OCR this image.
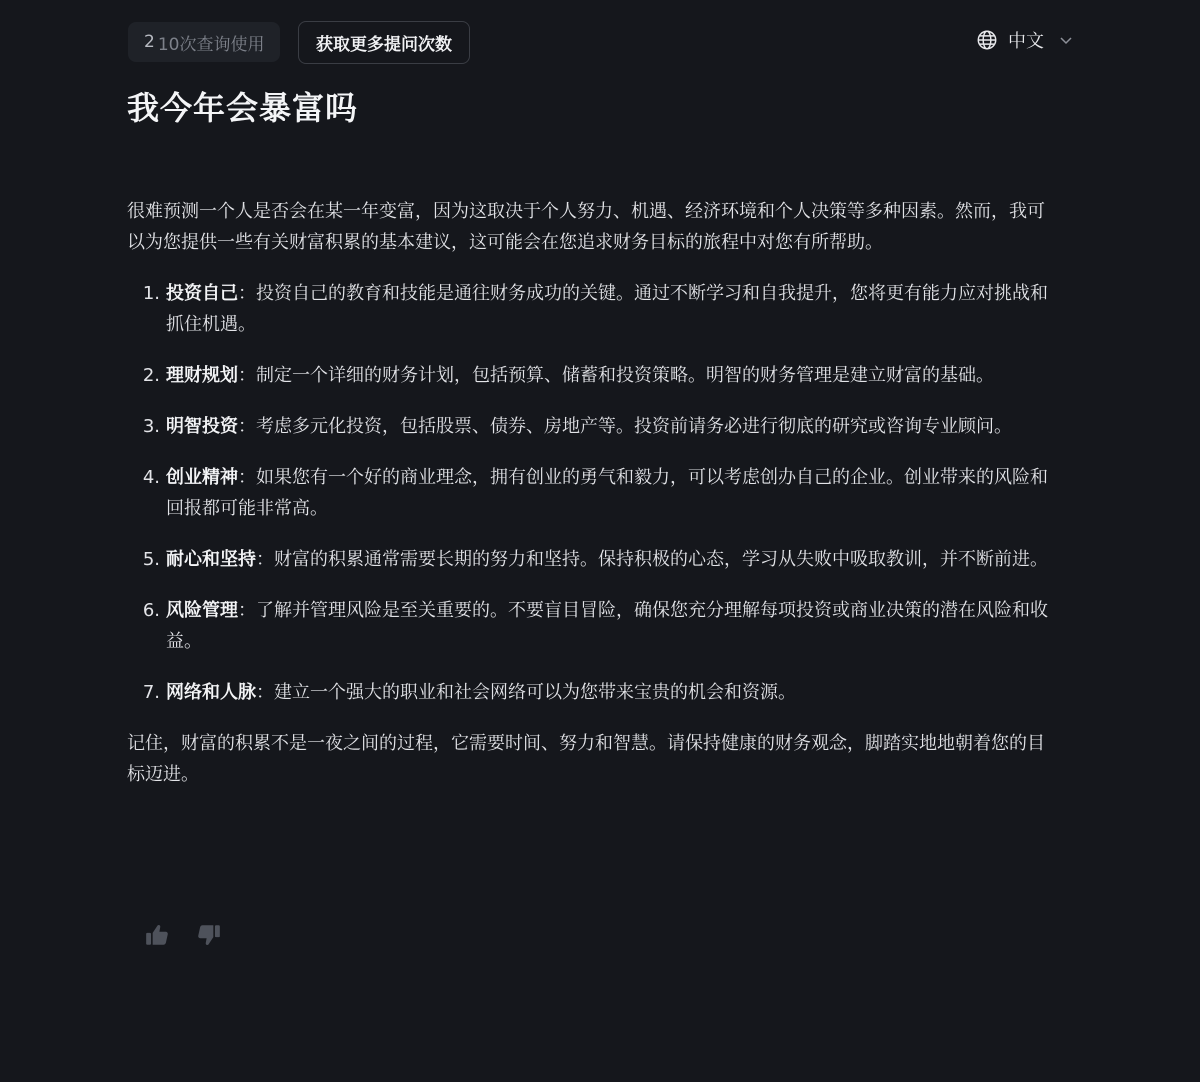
2 10次查询使用	获取更多提问次数	中文
我今年会暴富吗

很难预测一个人是否会在某一年变富，因为这取决于个人努力、机遇、经济环境和个人决策等多种因素。然而，我可以为您提供一些有关财富积累的基本建议，这可能会在您追求财务目标的旅程中对您有所帮助。

1. 投资自己：投资自己的教育和技能是通往财务成功的关键。通过不断学习和自我提升，您将更有能力应对挑战和抓住机遇。
2. 理财规划：制定一个详细的财务计划，包括预算、储蓄和投资策略。明智的财务管理是建立财富的基础。
3. 明智投资：考虑多元化投资，包括股票、债券、房地产等。投资前请务必进行彻底的研究或咨询专业顾问。
4. 创业精神：如果您有一个好的商业理念，拥有创业的勇气和毅力，可以考虑创办自己的企业。创业带来的风险和回报都可能非常高。
5. 耐心和坚持：财富的积累通常需要长期的努力和坚持。保持积极的心态，学习从失败中吸取教训，并不断前进。
6. 风险管理：了解并管理风险是至关重要的。不要盲目冒险，确保您充分理解每项投资或商业决策的潜在风险和收益。
7. 网络和人脉：建立一个强大的职业和社会网络可以为您带来宝贵的机会和资源。

记住，财富的积累不是一夜之间的过程，它需要时间、努力和智慧。请保持健康的财务观念，脚踏实地地朝着您的目标迈进。
